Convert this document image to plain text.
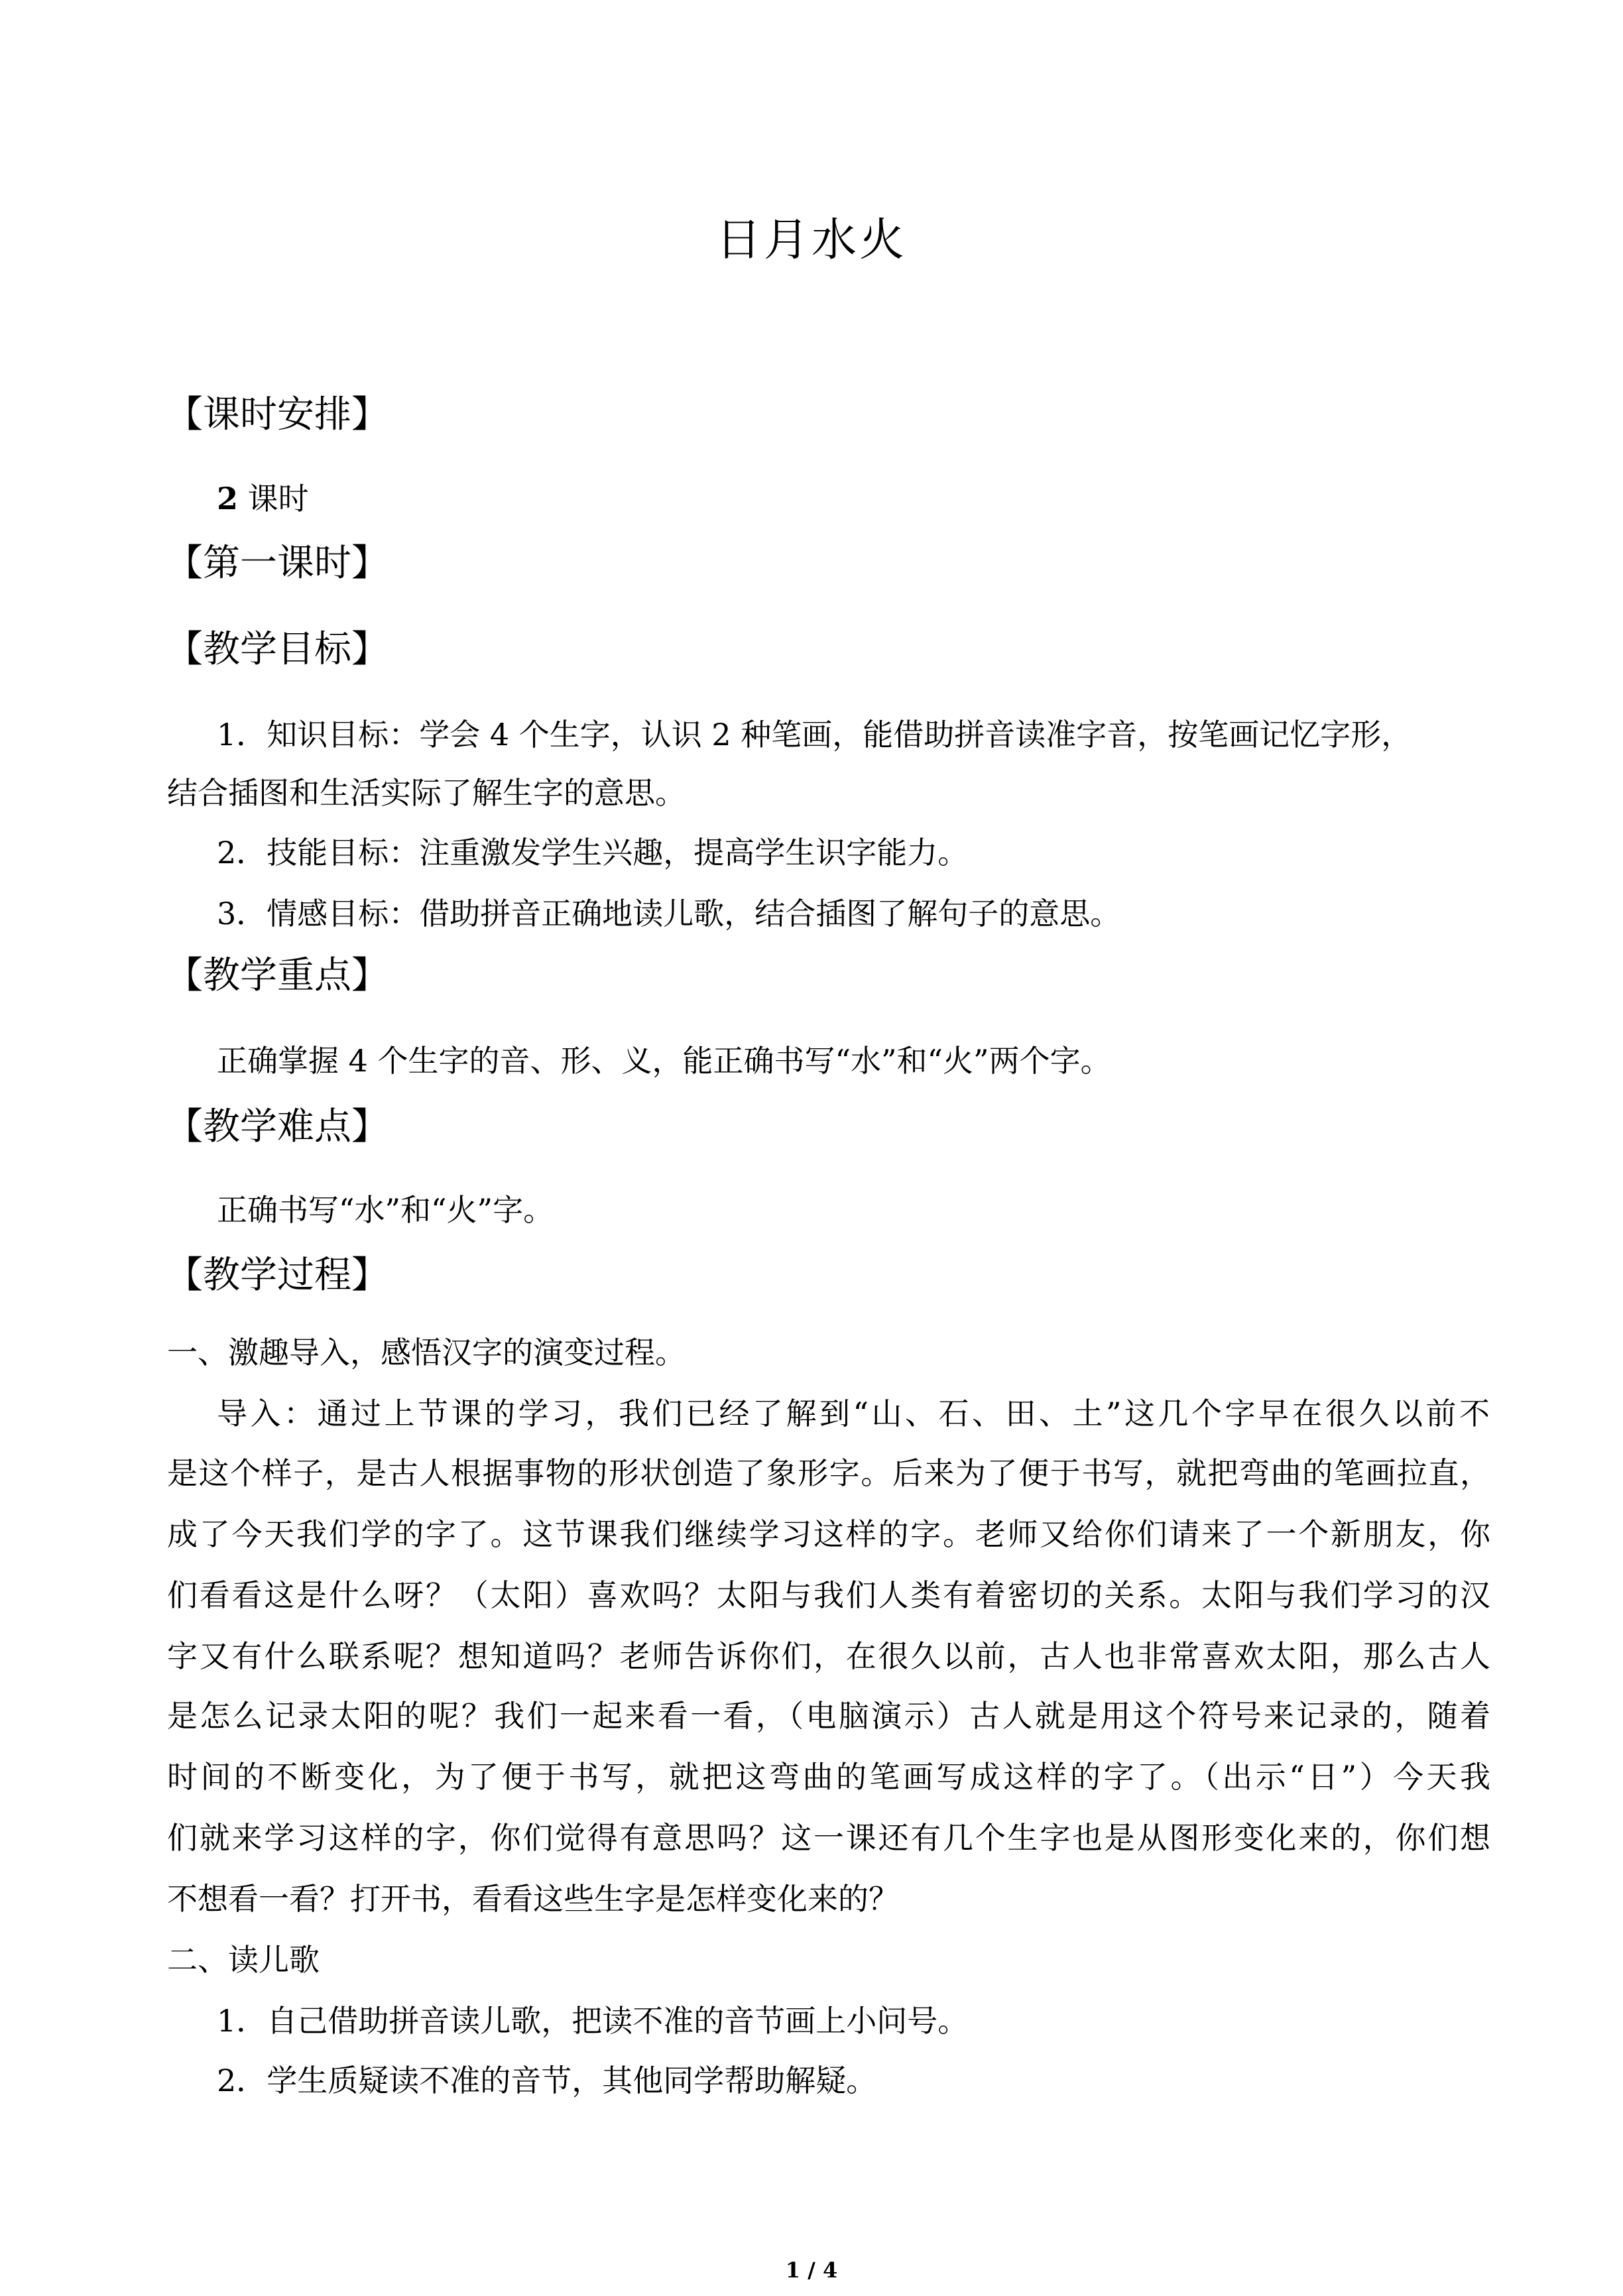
日月水火
【课时安排】
2 课时
【第一课时】
【教学目标】
1．知识目标：学会 4 个生字，认识 2 种笔画，能借助拼音读准字音，按笔画记忆字形，
结合插图和生活实际了解生字的意思。
2．技能目标：注重激发学生兴趣，提高学生识字能力。
3．情感目标：借助拼音正确地读儿歌，结合插图了解句子的意思。
【教学重点】
正确掌握 4 个生字的音、形、义，能正确书写“水”和“火”两个字。
【教学难点】
正确书写“水”和“火”字。
【教学过程】
一、激趣导入，感悟汉字的演变过程。
导入：通过上节课的学习，我们已经了解到“山、石、田、土”这几个字早在很久以前不
是这个样子，是古人根据事物的形状创造了象形字。后来为了便于书写，就把弯曲的笔画拉直，
成了今天我们学的字了。这节课我们继续学习这样的字。老师又给你们请来了一个新朋友，你
们看看这是什么呀？（太阳）喜欢吗？太阳与我们人类有着密切的关系。太阳与我们学习的汉
字又有什么联系呢？想知道吗？老师告诉你们，在很久以前，古人也非常喜欢太阳，那么古人
是怎么记录太阳的呢？我们一起来看一看，（电脑演示）古人就是用这个符号来记录的，随着
时间的不断变化，为了便于书写，就把这弯曲的笔画写成这样的字了。（出示“日”）今天我
们就来学习这样的字，你们觉得有意思吗？这一课还有几个生字也是从图形变化来的，你们想
不想看一看？打开书，看看这些生字是怎样变化来的？
二、读儿歌
1．自己借助拼音读儿歌，把读不准的音节画上小问号。
2．学生质疑读不准的音节，其他同学帮助解疑。
1 / 4
